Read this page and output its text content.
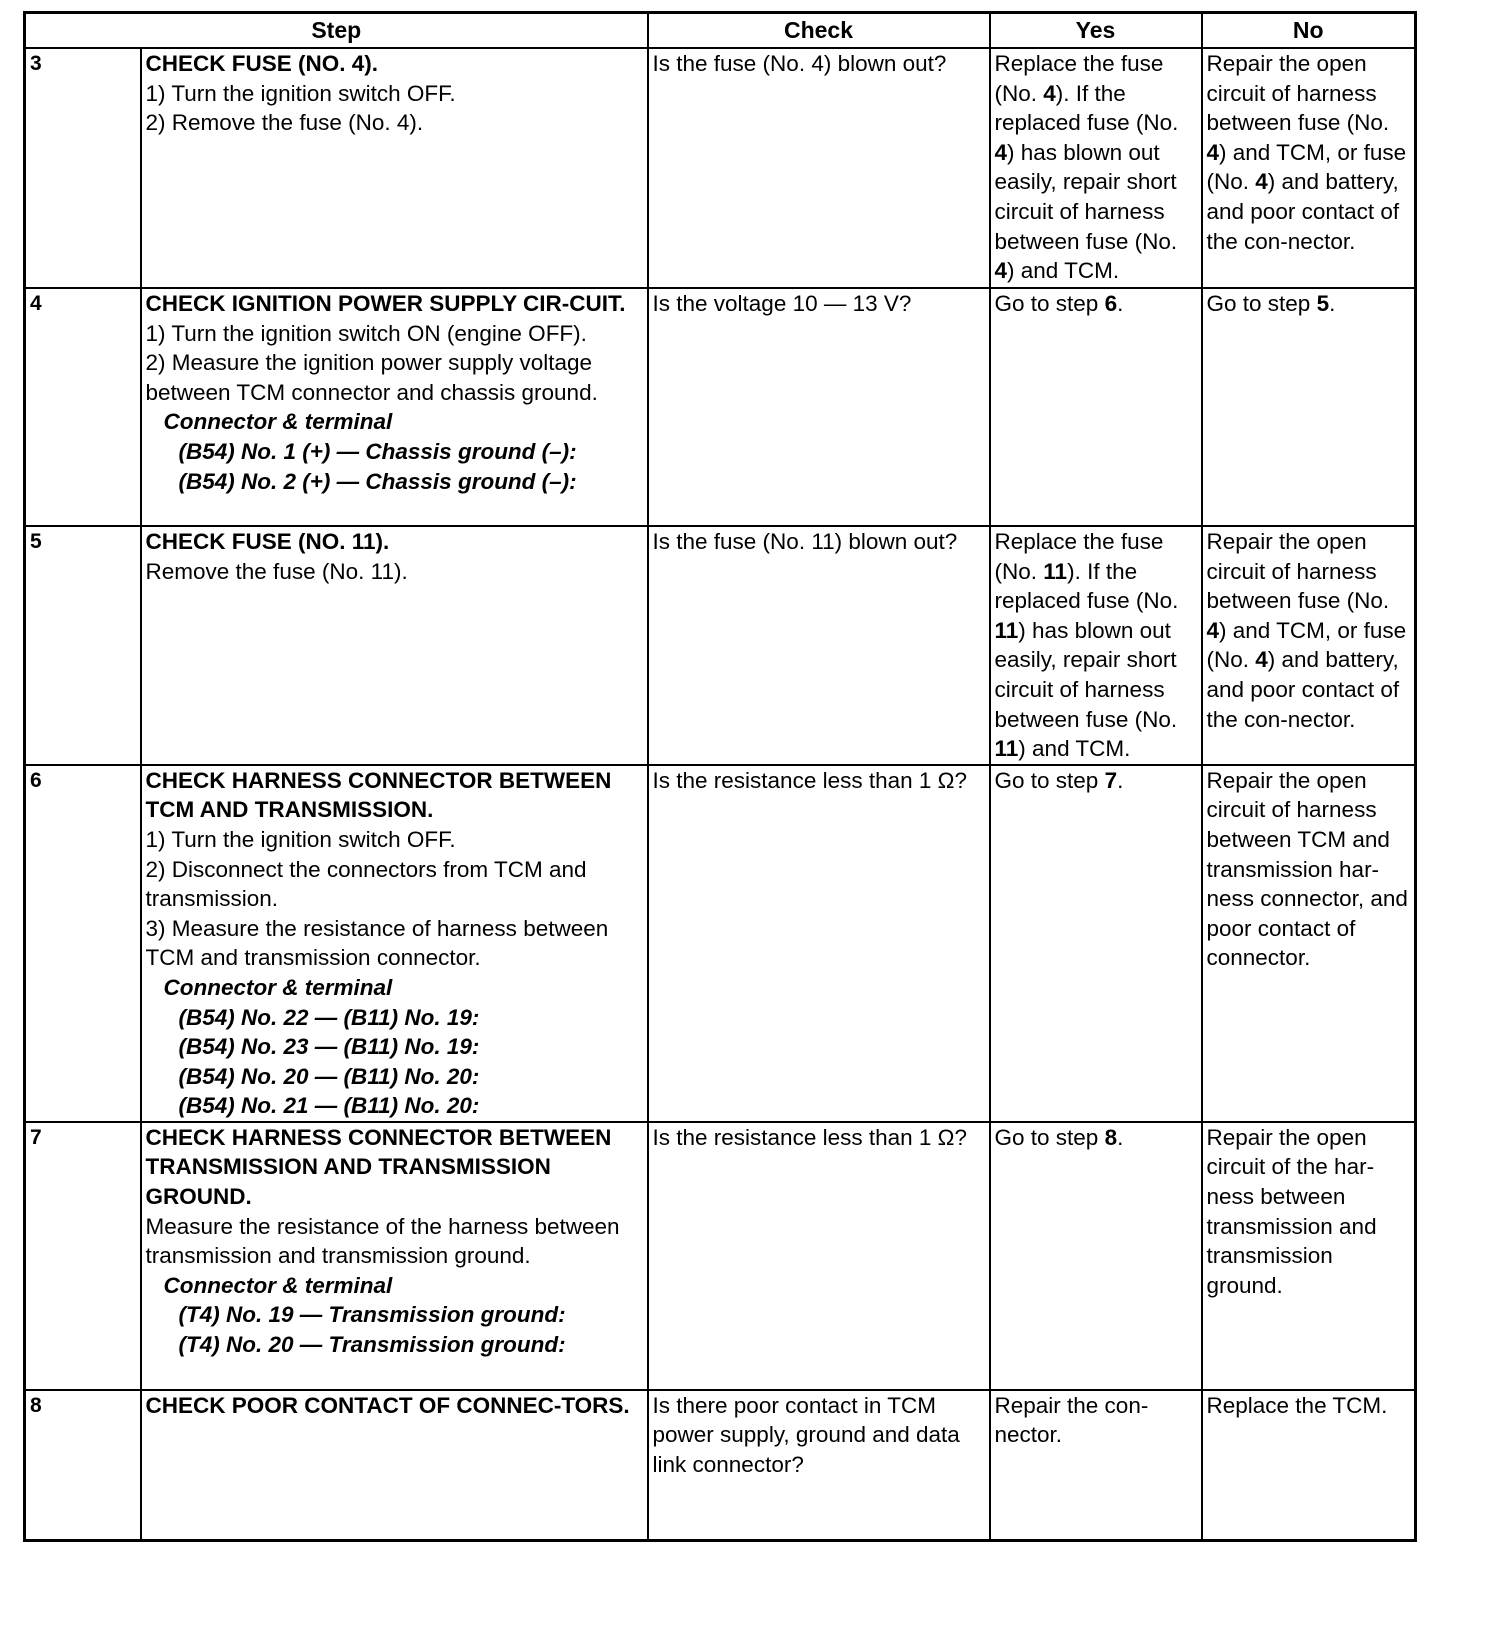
Step		Check	Yes	No
3	CHECK FUSE (NO. 4).
1) Turn the ignition switch OFF.
2) Remove the fuse (No. 4).	Is the fuse (No. 4) blown out?	Replace the fuse (No. 4). If the replaced fuse (No. 4) has blown out easily, repair short circuit of harness between fuse (No. 4) and TCM.	Repair the open circuit of harness between fuse (No. 4) and TCM, or fuse (No. 4) and battery, and poor contact of the con-nector.
4	CHECK IGNITION POWER SUPPLY CIR-CUIT.
1) Turn the ignition switch ON (engine OFF).
2) Measure the ignition power supply voltage between TCM connector and chassis ground.
Connector & terminal
(B54) No. 1 (+) — Chassis ground (–):
(B54) No. 2 (+) — Chassis ground (–):
	Is the voltage 10 — 13 V?	Go to step 6.	Go to step 5.
5	CHECK FUSE (NO. 11).
Remove the fuse (No. 11).	Is the fuse (No. 11) blown out?	Replace the fuse (No. 11). If the replaced fuse (No. 11) has blown out easily, repair short circuit of harness between fuse (No. 11) and TCM.	Repair the open circuit of harness between fuse (No. 4) and TCM, or fuse (No. 4) and battery, and poor contact of the con-nector.
6	CHECK HARNESS CONNECTOR BETWEEN TCM AND TRANSMISSION.
1) Turn the ignition switch OFF.
2) Disconnect the connectors from TCM and transmission.
3) Measure the resistance of harness between TCM and transmission connector.
Connector & terminal
(B54) No. 22 — (B11) No. 19:
(B54) No. 23 — (B11) No. 19:
(B54) No. 20 — (B11) No. 20:
(B54) No. 21 — (B11) No. 20:
	Is the resistance less than 1 Ω?	Go to step 7.	Repair the open circuit of harness between TCM and transmission har-ness connector, and poor contact of connector.
7	CHECK HARNESS CONNECTOR BETWEEN TRANSMISSION AND TRANSMISSION GROUND.
Measure the resistance of the harness between transmission and transmission ground.
Connector & terminal
(T4) No. 19 — Transmission ground:
(T4) No. 20 — Transmission ground:	Is the resistance less than 1 Ω?	Go to step 8.	Repair the open circuit of the har-ness between transmission and transmission ground.
8	CHECK POOR CONTACT OF CONNEC-TORS.	Is there poor contact in TCM power supply, ground and data link connector?	Repair the con-nector.	Replace the TCM.
